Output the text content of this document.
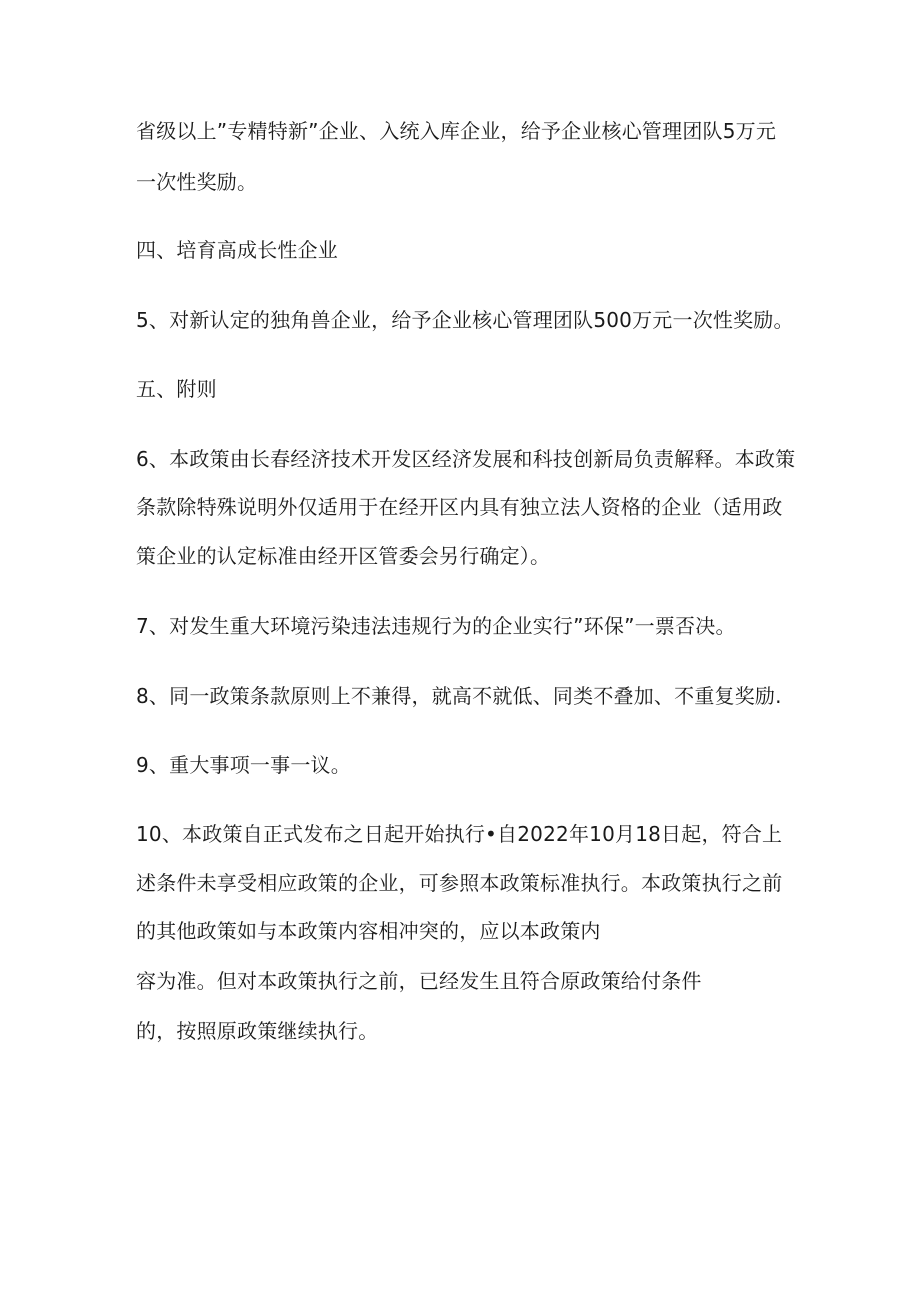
省级以上”专精特新”企业、入统入库企业，给予企业核心管理团队5万元
一次性奖励。
四、培育高成长性企业
5、对新认定的独角兽企业，给予企业核心管理团队500万元一次性奖励。
五、附则
6、本政策由长春经济技术开发区经济发展和科技创新局负责解释。本政策
条款除特殊说明外仅适用于在经开区内具有独立法人资格的企业（适用政
策企业的认定标准由经开区管委会另行确定）。
7、对发生重大环境污染违法违规行为的企业实行”环保”一票否决。
8、同一政策条款原则上不兼得，就高不就低、同类不叠加、不重复奖励.
9、重大事项一事一议。
10、本政策自正式发布之日起开始执行•自2022年10月18日起，符合上
述条件未享受相应政策的企业，可参照本政策标准执行。本政策执行之前
的其他政策如与本政策内容相冲突的，应以本政策内
容为准。但对本政策执行之前，已经发生且符合原政策给付条件
的，按照原政策继续执行。
